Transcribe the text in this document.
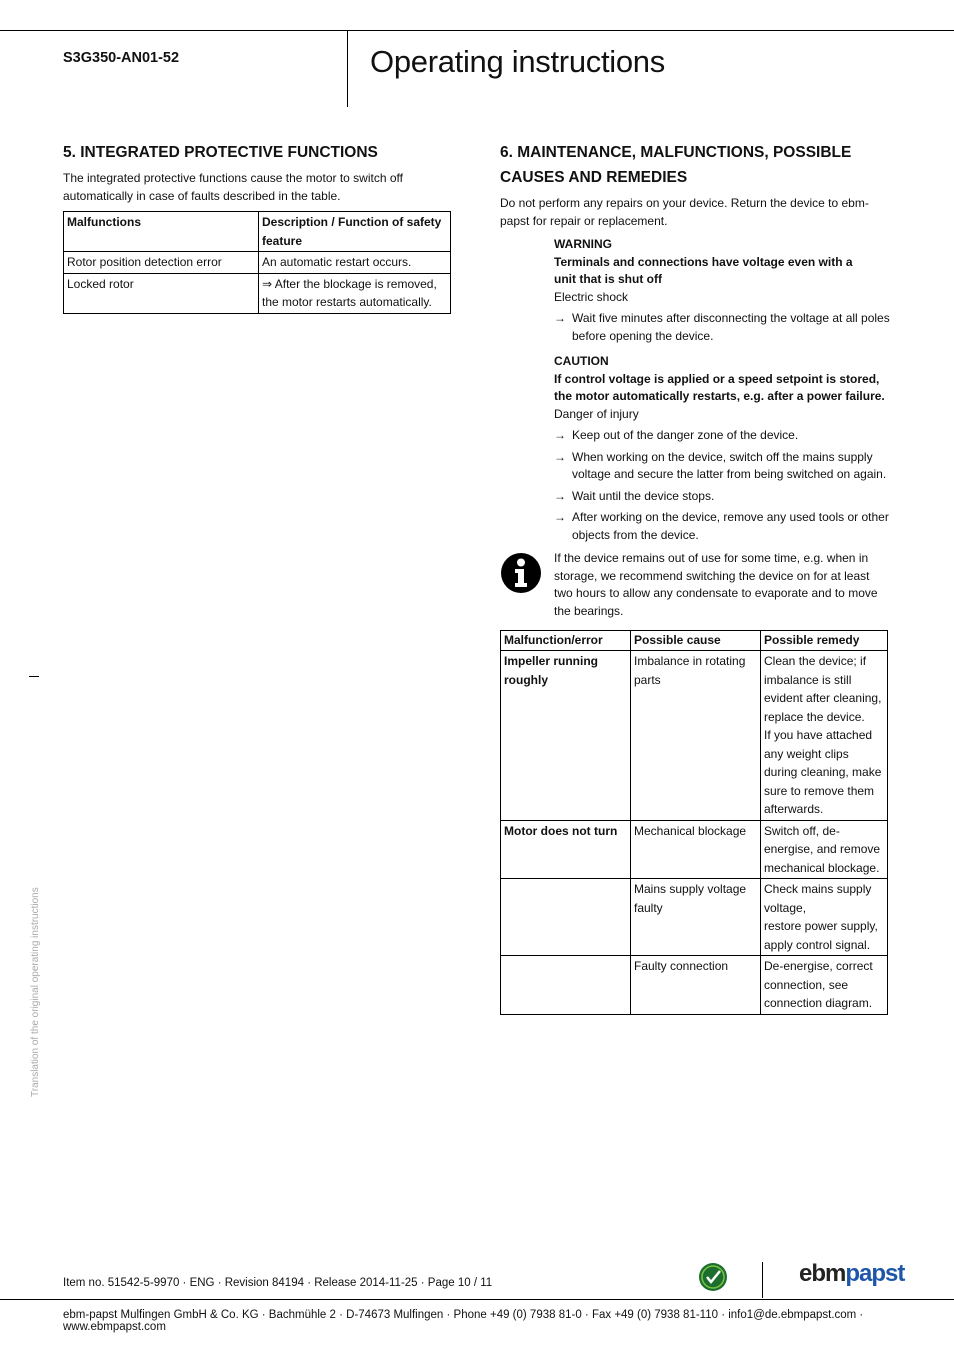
S3G350-AN01-52	Operating instructions
5. INTEGRATED PROTECTIVE FUNCTIONS
The integrated protective functions cause the motor to switch off automatically in case of faults described in the table.
Malfunctions	Description / Function of safety feature
Rotor position detection error	An automatic restart occurs.
Locked rotor	⇒ After the blockage is removed, the motor restarts automatically.
6. MAINTENANCE, MALFUNCTIONS, POSSIBLE
CAUSES AND REMEDIES
Do not perform any repairs on your device. Return the device to ebm-papst for repair or replacement.
WARNING
Terminals and connections have voltage even with a unit that is shut off
Electric shock
→ Wait five minutes after disconnecting the voltage at all poles before opening the device.
CAUTION
If control voltage is applied or a speed setpoint is stored, the motor automatically restarts, e.g. after a power failure.
Danger of injury
→ Keep out of the danger zone of the device.
→ When working on the device, switch off the mains supply voltage and secure the latter from being switched on again.
→ Wait until the device stops.
→ After working on the device, remove any used tools or other objects from the device.
If the device remains out of use for some time, e.g. when in storage, we recommend switching the device on for at least two hours to allow any condensate to evaporate and to move the bearings.
Malfunction/error	Possible cause	Possible remedy
Impeller running roughly	Imbalance in rotating parts	Clean the device; if imbalance is still evident after cleaning, replace the device.
If you have attached any weight clips during cleaning, make sure to remove them afterwards.
Motor does not turn	Mechanical blockage	Switch off, de-energise, and remove mechanical blockage.
	Mains supply voltage faulty	Check mains supply voltage,
restore power supply,
apply control signal.
	Faulty connection	De-energise, correct connection, see connection diagram.
Translation of the original operating instructions
Item no. 51542-5-9970 · ENG · Revision 84194 · Release 2014-11-25 · Page 10 / 11	ebmpapst
ebm-papst Mulfingen GmbH & Co. KG · Bachmühle 2 · D-74673 Mulfingen · Phone +49 (0) 7938 81-0 · Fax +49 (0) 7938 81-110 · info1@de.ebmpapst.com · www.ebmpapst.com
